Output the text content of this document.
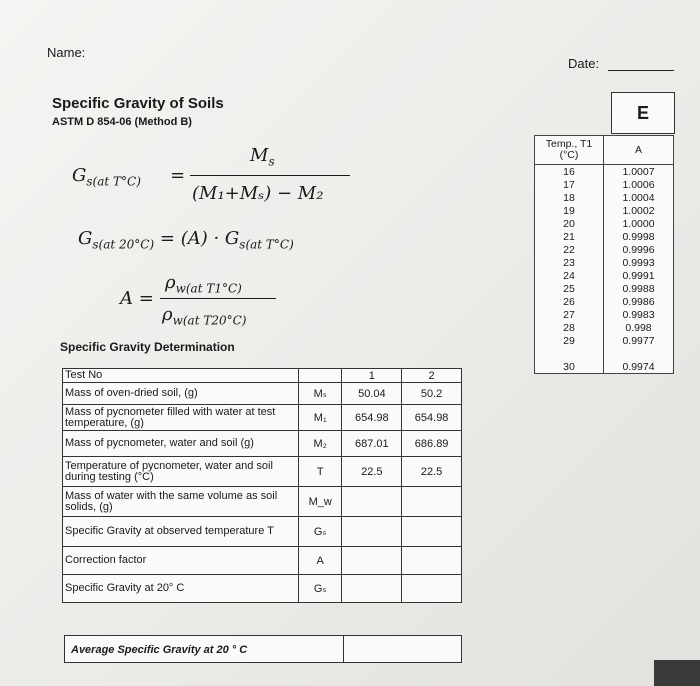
Name:
Date:
E
Specific Gravity of Soils
ASTM D 854-06 (Method B)
$G_{s(at T^\circ C)}$ =
$M_s$
(M₁+Mₛ) − M₂
$G_{s(at 20^\circ C)} = (A) \cdot G_{s(at T^\circ C)}$
A =
$\rho_{w(at T1^\circ C)}$
$\rho_{w(at T20^\circ C)}$
Specific Gravity Determination
Temp., T1
(°C)	A
16	1.0007
17	1.0006
18	1.0004
19	1.0002
20	1.0000
21	0.9998
22	0.9996
23	0.9993
24	0.9991
25	0.9988
26	0.9986
27	0.9983
28	0.998
29	0.9977

30	0.9974
Test No		1	2
Mass of oven-dried soil, (g)	Mₛ	50.04	50.2
Mass of pycnometer filled with water at test temperature, (g)	M₁	654.98	654.98
Mass of pycnometer, water and soil (g)	M₂	687.01	686.89
Temperature of pycnometer, water and soil during testing (°C)	T	22.5	22.5
Mass of water with the same volume as soil solids, (g)	M_w		
Specific Gravity at observed temperature T	Gₛ		
Correction factor	A		
Specific Gravity at 20° C	Gₛ		
Average Specific Gravity at 20 ° C
